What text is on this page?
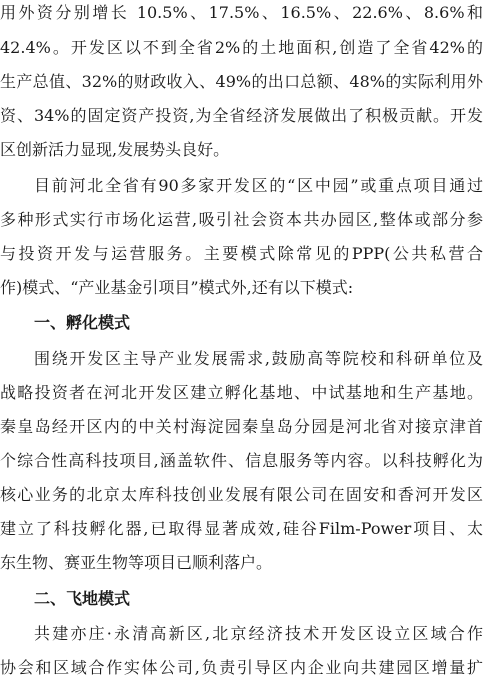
用外资分别增长 10.5%、17.5%、16.5%、22.6%、8.6%和
42.4%。开发区以不到全省2%的土地面积,创造了全省42%的
生产总值、32%的财政收入、49%的出口总额、48%的实际利用外
资、34%的固定资产投资,为全省经济发展做出了积极贡献。开发
区创新活力显现,发展势头良好。
目前河北全省有90多家开发区的“区中园”或重点项目通过
多种形式实行市场化运营,吸引社会资本共办园区,整体或部分参
与投资开发与运营服务。主要模式除常见的PPP(公共私营合
作)模式、“产业基金引项目”模式外,还有以下模式:
一、孵化模式
围绕开发区主导产业发展需求,鼓励高等院校和科研单位及
战略投资者在河北开发区建立孵化基地、中试基地和生产基地。
秦皇岛经开区内的中关村海淀园秦皇岛分园是河北省对接京津首
个综合性高科技项目,涵盖软件、信息服务等内容。以科技孵化为
核心业务的北京太库科技创业发展有限公司在固安和香河开发区
建立了科技孵化器,已取得显著成效,硅谷Film-Power项目、太
东生物、赛亚生物等项目已顺利落户。
二、飞地模式
共建亦庄·永清高新区,北京经济技术开发区设立区域合作
协会和区域合作实体公司,负责引导区内企业向共建园区增量扩
